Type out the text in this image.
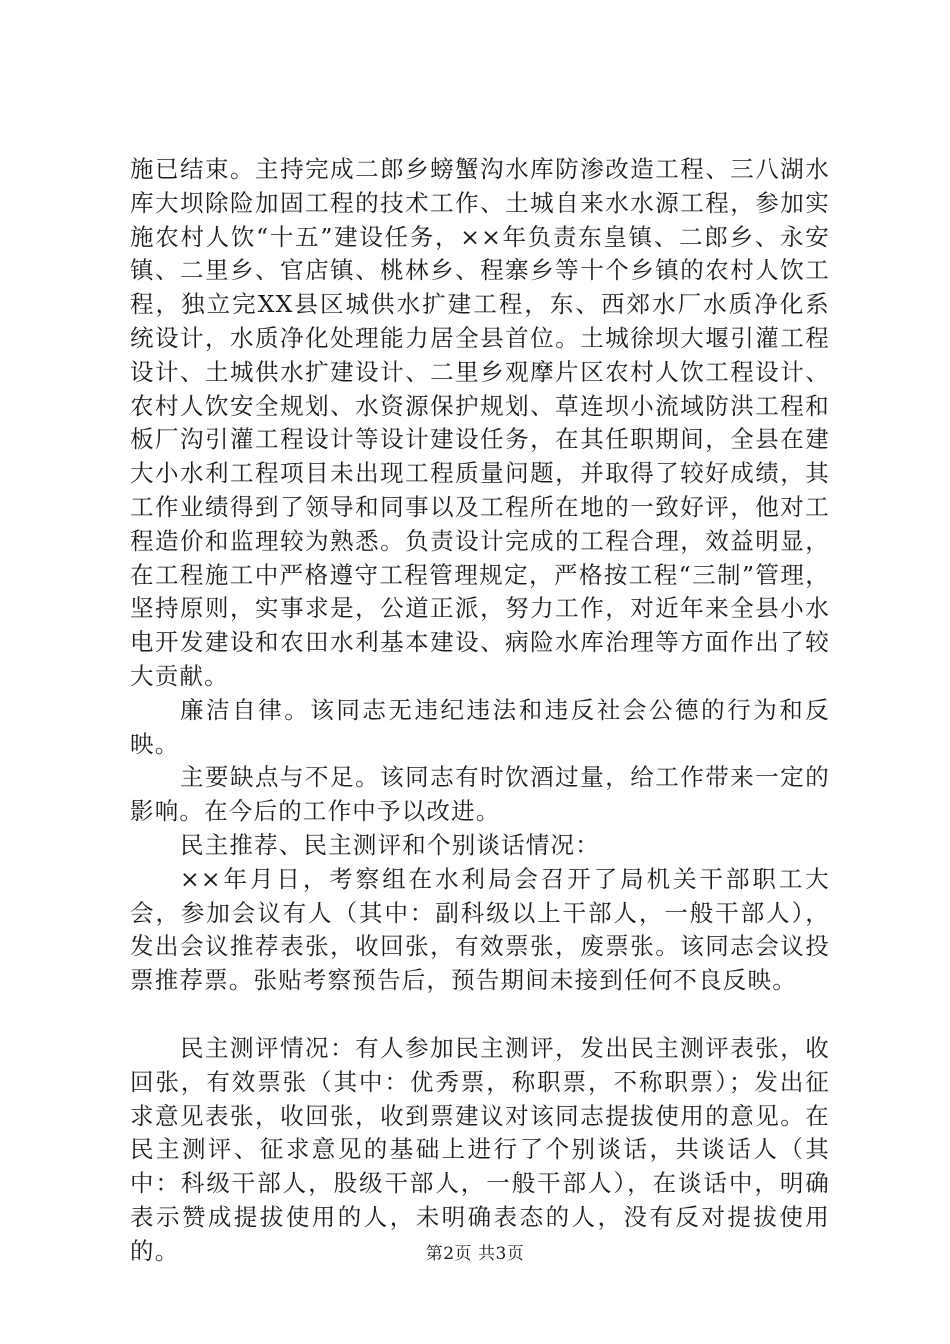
施已结束。主持完成二郎乡螃蟹沟水库防渗改造工程、三八湖水库大坝除险加固工程的技术工作、土城自来水水源工程，参加实施农村人饮“十五”建设任务，××年负责东皇镇、二郎乡、永安镇、二里乡、官店镇、桃林乡、程寨乡等十个乡镇的农村人饮工程，独立完XX县区城供水扩建工程，东、西郊水厂水质净化系统设计，水质净化处理能力居全县首位。土城徐坝大堰引灌工程设计、土城供水扩建设计、二里乡观摩片区农村人饮工程设计、农村人饮安全规划、水资源保护规划、草连坝小流域防洪工程和板厂沟引灌工程设计等设计建设任务，在其任职期间，全县在建大小水利工程项目未出现工程质量问题，并取得了较好成绩，其工作业绩得到了领导和同事以及工程所在地的一致好评，他对工程造价和监理较为熟悉。负责设计完成的工程合理，效益明显，在工程施工中严格遵守工程管理规定，严格按工程“三制”管理，坚持原则，实事求是，公道正派，努力工作，对近年来全县小水电开发建设和农田水利基本建设、病险水库治理等方面作出了较大贡献。

廉洁自律。该同志无违纪违法和违反社会公德的行为和反映。

主要缺点与不足。该同志有时饮酒过量，给工作带来一定的影响。在今后的工作中予以改进。

民主推荐、民主测评和个别谈话情况：

××年月日，考察组在水利局会召开了局机关干部职工大会，参加会议有人（其中：副科级以上干部人，一般干部人），发出会议推荐表张，收回张，有效票张，废票张。该同志会议投票推荐票。张贴考察预告后，预告期间未接到任何不良反映。

民主测评情况：有人参加民主测评，发出民主测评表张，收回张，有效票张（其中：优秀票，称职票，不称职票）；发出征求意见表张，收回张，收到票建议对该同志提拔使用的意见。在民主测评、征求意见的基础上进行了个别谈话，共谈话人（其中：科级干部人，股级干部人，一般干部人），在谈话中，明确表示赞成提拔使用的人，未明确表态的人，没有反对提拔使用的。	第2页 共3页
